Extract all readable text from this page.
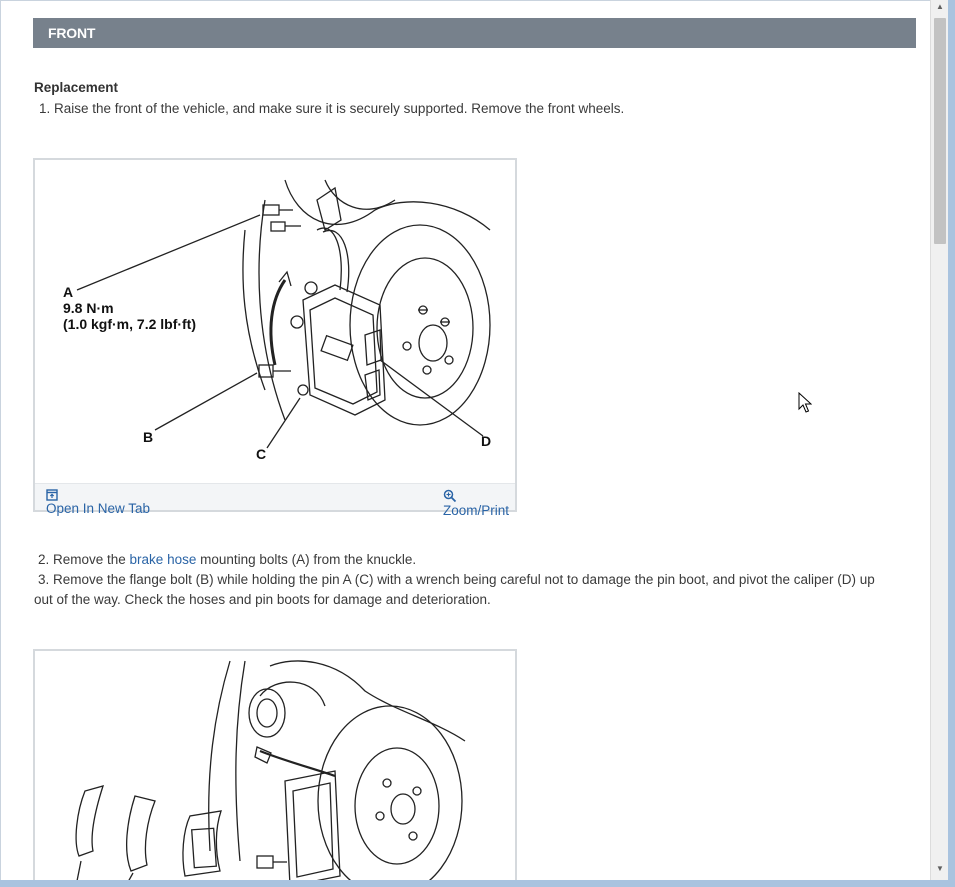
FRONT
Replacement
1. Raise the front of the vehicle, and make sure it is securely supported. Remove the front wheels.
A
9.8 N·m
(1.0 kgf·m, 7.2 lbf·ft)
B
C
D
Open In New Tab	Zoom/Print
2. Remove the brake hose mounting bolts (A) from the knuckle.
3. Remove the flange bolt (B) while holding the pin A (C) with a wrench being careful not to damage the pin boot, and pivot the caliper (D) up
out of the way. Check the hoses and pin boots for damage and deterioration.
▲
▼
